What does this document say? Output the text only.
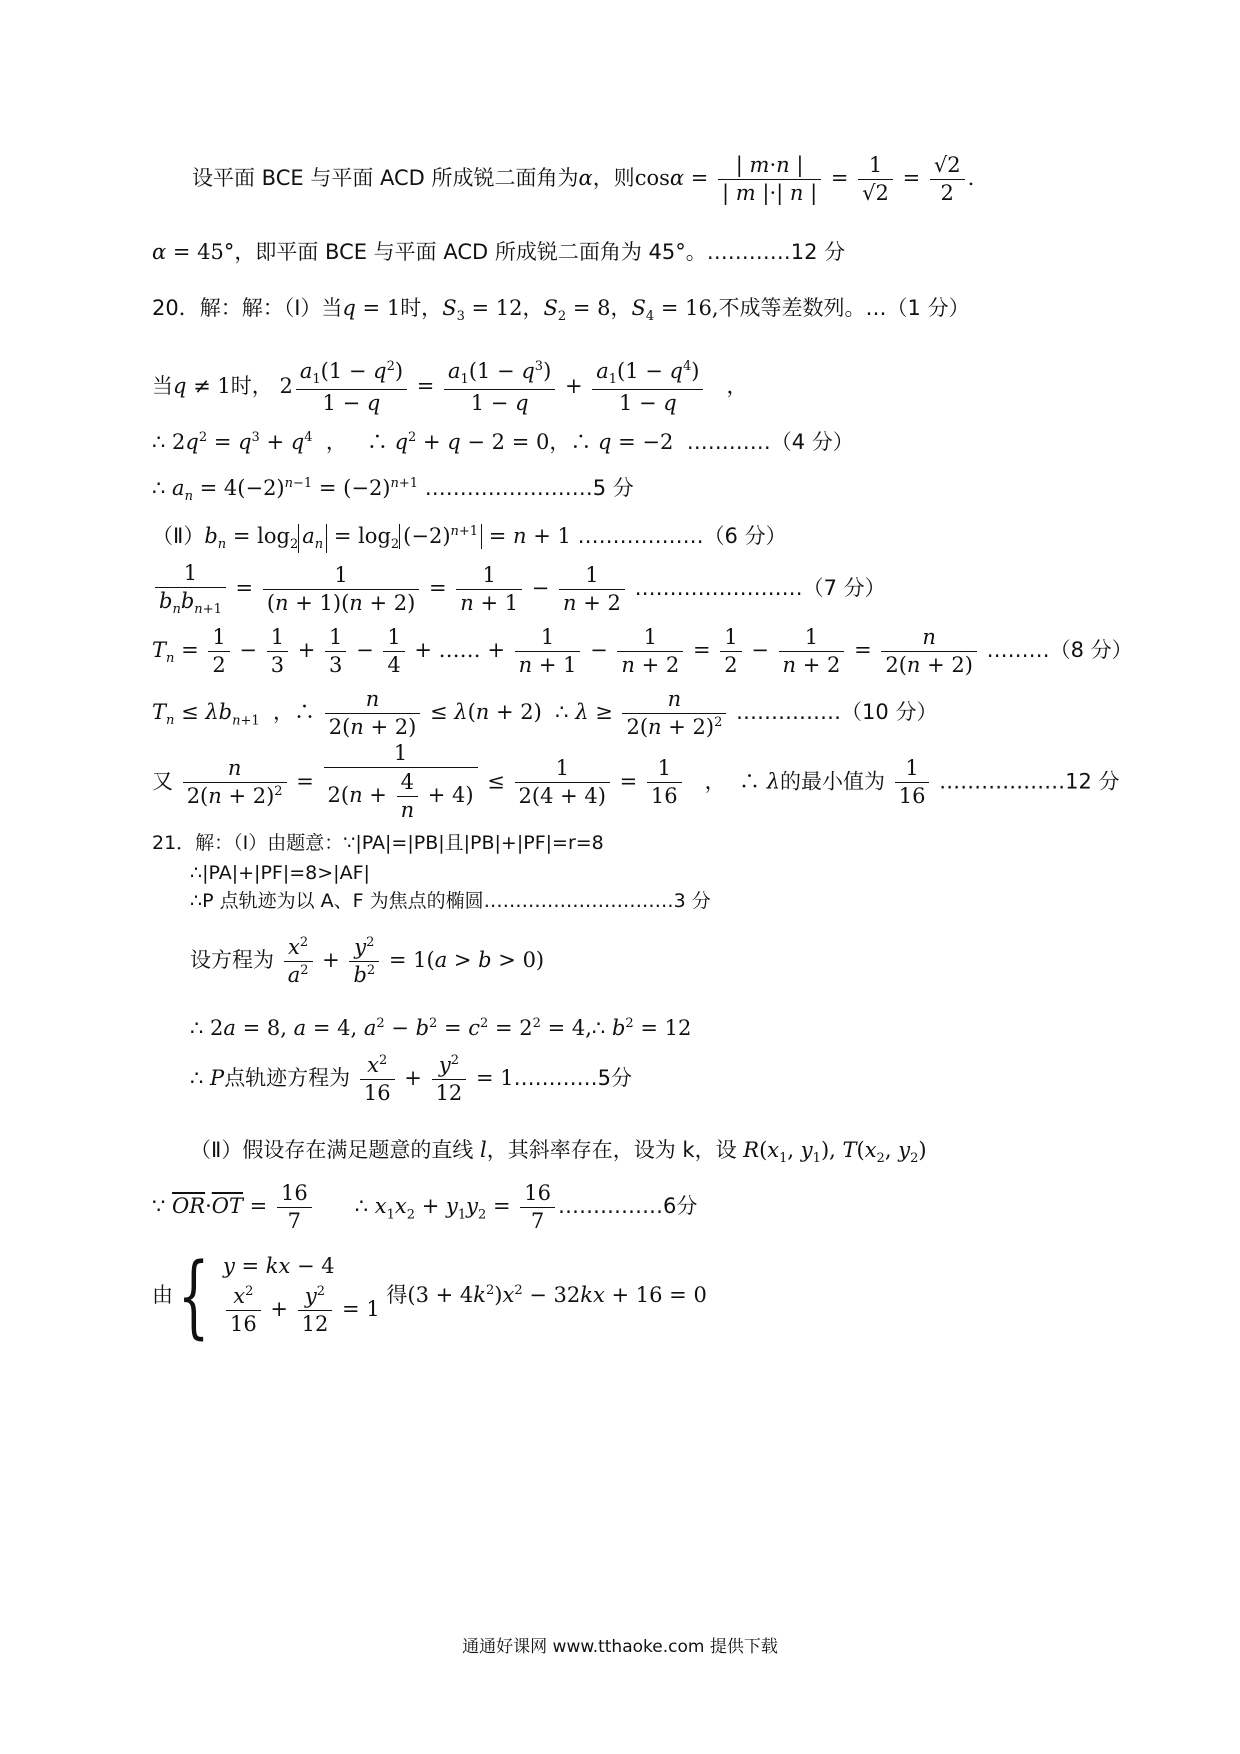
设平面 BCE 与平面 ACD 所成锐二面角为α，则$\cos\alpha = \frac{| m\cdot n |}{| m |\cdot| n |} = \frac{1}{√2} = \frac{√2}{2}$ .
α = 45°，即平面 BCE 与平面 ACD 所成锐二面角为 45°。…………12 分
20．解：解：（Ⅰ）当q = 1时，$S_3 = 12$，$S_2 = 8$，$S_4 = 16$,不成等差数列。…（1 分）
当q ≠ 1时， $2 \frac{a_1(1 - q^2)}{1 - q} = \frac{a_1(1 - q^3)}{1 - q} + \frac{a_1(1 - q^4)}{1 - q}$ ，
∴ $2q^2 = q^3 + q^4$  ，   ∴ $q^2 + q - 2 = 0$，∴ q = −2  …………（4 分）
∴ $a_n = 4(-2)^{n-1} = (-2)^{n+1}$ ……………………5 分
$(Ⅱ)b_n = \log_2 a_n = \log_2 (-2)^{n+1} = n + 1$ ………………（6 分）
$\frac{1}{b_nb_{n+1}} = \frac{1}{(n + 1)(n + 2)} = \frac{1}{n + 1} - \frac{1}{n + 2}$ ……………………（7 分）
$T_n = \frac{1}{2} - \frac{1}{3} + \frac{1}{3} - \frac{1}{4}$ + …… + $\frac{1}{n + 1} - \frac{1}{n + 2} = \frac{1}{2} - \frac{1}{n + 2} = \frac{n}{2(n + 2)}$ ………（8 分）
$T_n \le \lambda b_{n+1}$  ，∴ $\frac{n}{2(n + 2)} \le \lambda(n + 2)$  ∴ $\lambda \ge \frac{n}{2(n + 2)^2}$ ……………（10 分）
又 $\frac{n}{2(n + 2)^2} = \frac{1}{2(n + \frac{4}{n} + 4)} \le \frac{1}{2(4 + 4)} = \frac{1}{16}$ ，  ∴ λ的最小值为 $\frac{1}{16}$ ………………12 分
21．解：（Ⅰ）由题意：∵|PA|=|PB|且|PB|+|PF|=r=8
∴|PA|+|PF|=8>|AF|
∴P 点轨迹为以 A、F 为焦点的椭圆…………………………3 分
设方程为 $\frac{x^2}{a^2} + \frac{y^2}{b^2} = 1(a > b > 0)$
∴ 2a = 8, a = 4, $a^2 - b^2 = c^2 = 2^2$ = 4,∴ $b^2 = 12$
∴ P点轨迹方程为 $\frac{x^2}{16} + \frac{y^2}{12}$ = 1…………5分
（Ⅱ）假设存在满足题意的直线 l，其斜率存在，设为 k，设 $R(x_1$, $y_1$), $T(x_2$, $y_2$)
∵ $\overline{OR}\cdot\overline{OT} = \frac{16}{7}$ ∴ $x_1x_2 + y_1y_2 = \frac{16}{7}$ ……………6分
由{ y = kx − 4
$\frac{x^2}{16} + \frac{y^2}{12} = 1$
得$(3 + 4k^2)x^2 - 32kx + 16 = 0$
通通好课网 www.tthaoke.com 提供下载
